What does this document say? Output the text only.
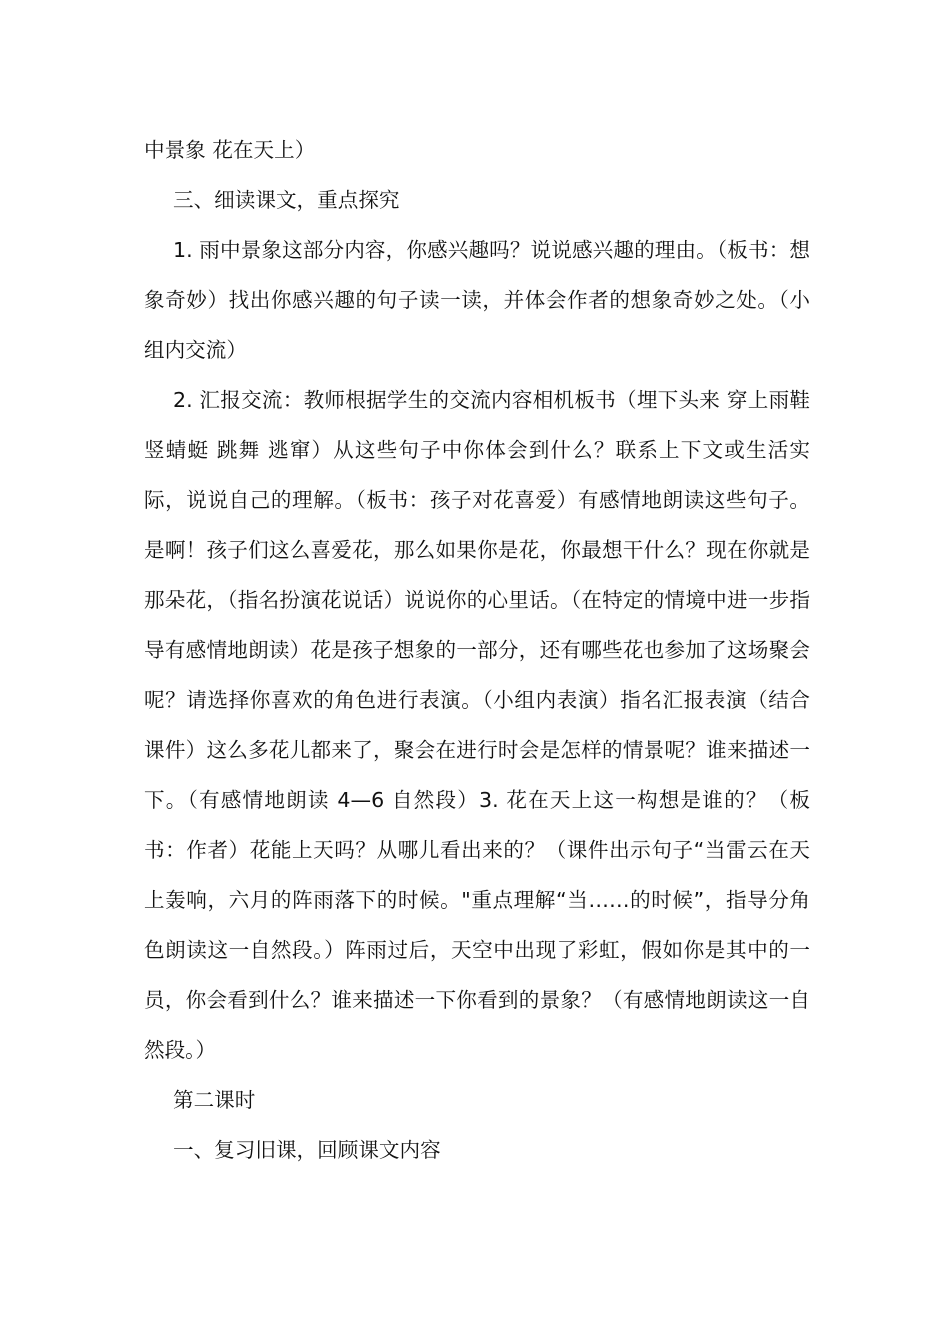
中景象 花在天上）

三、细读课文，重点探究

1. 雨中景象这部分内容，你感兴趣吗？说说感兴趣的理由。（板书：想象奇妙）找出你感兴趣的句子读一读，并体会作者的想象奇妙之处。（小组内交流）

2. 汇报交流：教师根据学生的交流内容相机板书（埋下头来 穿上雨鞋 竖蜻蜓 跳舞 逃窜）从这些句子中你体会到什么？联系上下文或生活实际，说说自己的理解。（板书：孩子对花喜爱）有感情地朗读这些句子。是啊！孩子们这么喜爱花，那么如果你是花，你最想干什么？现在你就是那朵花，（指名扮演花说话）说说你的心里话。（在特定的情境中进一步指导有感情地朗读）花是孩子想象的一部分，还有哪些花也参加了这场聚会呢？请选择你喜欢的角色进行表演。（小组内表演）指名汇报表演（结合课件）这么多花儿都来了，聚会在进行时会是怎样的情景呢？谁来描述一下。（有感情地朗读 4—6 自然段）3. 花在天上这一构想是谁的？（板书：作者）花能上天吗？从哪儿看出来的？（课件出示句子“当雷云在天上轰响，六月的阵雨落下的时候。"重点理解“当……的时候”，指导分角色朗读这一自然段。）阵雨过后，天空中出现了彩虹，假如你是其中的一员，你会看到什么？谁来描述一下你看到的景象？（有感情地朗读这一自然段。）

第二课时

一、复习旧课，回顾课文内容
